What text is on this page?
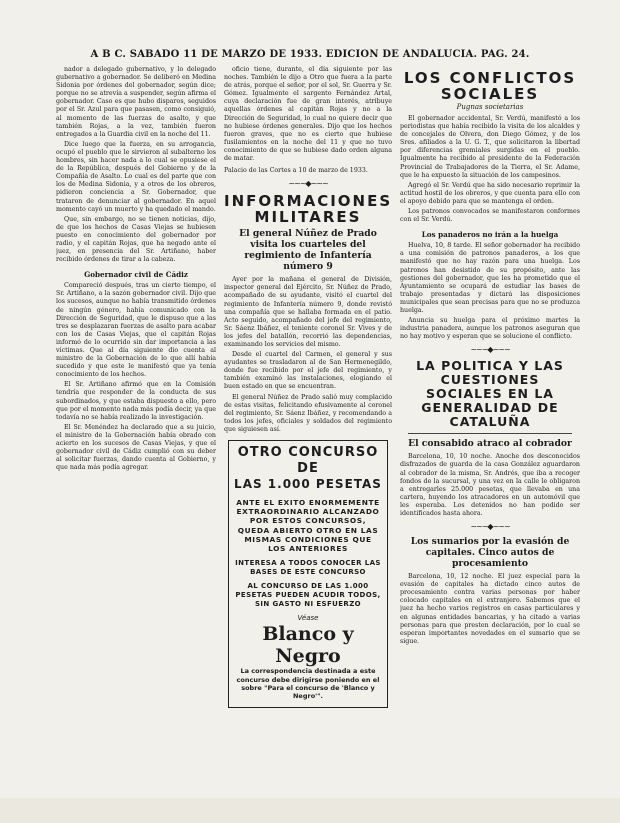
A B C. SABADO 11 DE MARZO DE 1933. EDICION DE ANDALUCIA. PAG. 24.

nador a delegado gubernativo, y lo delegado gubernativo a gobernador. Se deliberó en Medina Sidonia por órdenes del gobernador, según dice; porque no se atrevía a suspender, según afirma el gobernador. Caso es que hubo disparos, seguidos por el Sr. Azul para que pasasen, como consiguió, al momento de las fuerzas de asalto, y que también Rojas, a la vez, también fueron entregados a la Guardia civil en la noche del 11.

Dice luego que la fuerza, en su arrogancia, ocupó el pueblo que le sirvieron al subalterno los hombres, sin hacer nada a lo cual se opusiese el de la República, después del Gobierno y de la Compañía de Asalto. Lo cual es del parte que con los de Medina Sidonia, y a otros de los obreros, pidieron conciencia a Sr. Gobernador, que trataron de denunciar al gobernador. En aquel momento cayó un muerto y ha quedado el mando.

Que, sin embargo, no se tienen noticias, dijo, de que los hechos de Casas Viejas se hubiesen puesto en conocimiento del gobernador por radio, y el capitán Rojas, que ha negado ante el juez, en presencia del Sr. Artiñano, haber recibido órdenes de tirar a la cabeza.

Gobernador civil de Cádiz

Compareció después, tras un cierto tiempo, el Sr. Artiñano, a la sazón gobernador civil. Dijo que los sucesos, aunque no había transmitido órdenes de ningún género, había comunicado con la Dirección de Seguridad, que le dispuso que a las tres se desplazaran fuerzas de asalto para acabar con los de Casas Viejas, que el capitán Rojas informó de lo ocurrido sin dar importancia a las víctimas. Que al día siguiente dio cuenta al ministro de la Gobernación de lo que allí había sucedido y que este le manifestó que ya tenía conocimiento de los hechos.

El Sr. Artiñano afirmó que en la Comisión tendría que responder de la conducta de sus subordinados, y que estaba dispuesto a ello, pero que por el momento nada más podía decir, ya que todavía no se había realizado la investigación.

El Sr. Menéndez ha declarado que a su juicio, el ministro de la Gobernación había obrado con acierto en los sucesos de Casas Viejas, y que el gobernador civil de Cádiz cumplió con su deber al solicitar fuerzas, dando cuenta al Gobierno, y que nada más podía agregar.

oficio tiene, durante, el día siguiente por las noches. También le dijo a Otro que fuera a la parte de atrás, porque el señor, por el sol, Sr. Guerra y Sr. Gómez. Igualmente el sargento Fernández Artal, cuya declaración fue de gran interés, atribuye aquellas órdenes al capitán Rojas y no a la Dirección de Seguridad, lo cual no quiere decir que no hubiese órdenes generales. Dijo que los hechos fueron graves, que no es cierto que hubiese fusilamientos en la noche del 11 y que no tuvo conocimiento de que se hubiese dado orden alguna de matar.

Palacio de las Cortes a 10 de marzo de 1933.

~~~◆~~~
INFORMACIONES MILITARES
El general Núñez de Prado visita los cuarteles del regimiento de Infantería número 9

Ayer por la mañana el general de División, inspector general del Ejército, Sr. Núñez de Prado, acompañado de su ayudante, visitó el cuartel del regimiento de Infantería número 9, donde revistó una compañía que se hallaba formada en el patio. Acto seguido, acompañado del jefe del regimiento, Sr. Sáenz Ibáñez, el teniente coronel Sr. Vives y de los jefes del batallón, recorrió las dependencias, examinando los servicios del mismo.

Desde el cuartel del Carmen, el general y sus ayudantes se trasladaron al de San Hermenegildo, donde fue recibido por el jefe del regimiento, y también examinó las instalaciones, elogiando el buen estado en que se encuentran.

El general Núñez de Prado salió muy complacido de estas visitas, felicitando efusivamente al coronel del regimiento, Sr. Sáenz Ibáñez, y recomendando a todos los jefes, oficiales y soldados del regimiento que siguiesen así.

OTRO CONCURSO DE
LAS 1.000 PESETAS
ANTE EL EXITO ENORMEMENTE EXTRAORDINARIO ALCANZADO POR ESTOS CONCURSOS, QUEDA ABIERTO OTRO EN LAS MISMAS CONDICIONES QUE LOS ANTERIORES
INTERESA A TODOS CONOCER LAS BASES DE ESTE CONCURSO
AL CONCURSO DE LAS 1.000 PESETAS PUEDEN ACUDIR TODOS, SIN GASTO NI ESFUERZO
Véase
Blanco y Negro
La correspondencia destinada a este concurso debe dirigirse poniendo en el sobre "Para el concurso de 'Blanco y Negro'".
LOS CONFLICTOS SOCIALES
Pugnas societarias

El gobernador accidental, Sr. Verdú, manifestó a los periodistas que había recibido la visita de los alcaldes y de concejales de Olvera, don Diego Gómez, y de los Sres. afiliados a la U. G. T., que solicitaron la libertad por diferencias gremiales surgidas en el pueblo. Igualmente ha recibido al presidente de la Federación Provincial de Trabajadores de la Tierra, el Sr. Adame, que le ha expuesto la situación de los campesinos.

Agregó el Sr. Verdú que ha sido necesario reprimir la actitud hostil de los obreros, y que cuenta para ello con el apoyo debido para que se mantenga el orden.

Los patronos convocados se manifestaron conformes con el Sr. Verdú.

Los panaderos no irán a la huelga

Huelva, 10, 8 tarde. El señor gobernador ha recibido a una comisión de patronos panaderos, a los que manifestó que no hay razón para una huelga. Los patronos han desistido de su propósito, ante las gestiones del gobernador, que les ha prometido que el Ayuntamiento se ocupará de estudiar las bases de trabajo presentadas y dictará las disposiciones municipales que sean precisas para que no se produzca huelga.

Anuncia su huelga para el próximo martes la industria panadera, aunque los patronos aseguran que no hay motivo y esperan que se solucione el conflicto.

~~~◆~~~
LA POLITICA Y LAS CUESTIONES SOCIALES EN LA GENERALIDAD DE CATALUÑA
El consabido atraco al cobrador

Barcelona, 10, 10 noche. Anoche dos desconocidos disfrazados de guarda de la casa González aguardaron al cobrador de la misma, Sr. Andrés, que iba a recoger fondos de la sucursal, y una vez en la calle le obligaron a entregarles 25.000 pesetas, que llevaba en una cartera, huyendo los atracadores en un automóvil que les esperaba. Los detenidos no han podido ser identificados hasta ahora.

~~~◆~~~
Los sumarios por la evasión de capitales. Cinco autos de procesamiento

Barcelona, 10, 12 noche. El juez especial para la evasión de capitales ha dictado cinco autos de procesamiento contra varias personas por haber colocado capitales en el extranjero. Sabemos que el juez ha hecho varios registros en casas particulares y en algunas entidades bancarias, y ha citado a varias personas para que presten declaración, por lo cual se esperan importantes novedades en el sumario que se sigue.
